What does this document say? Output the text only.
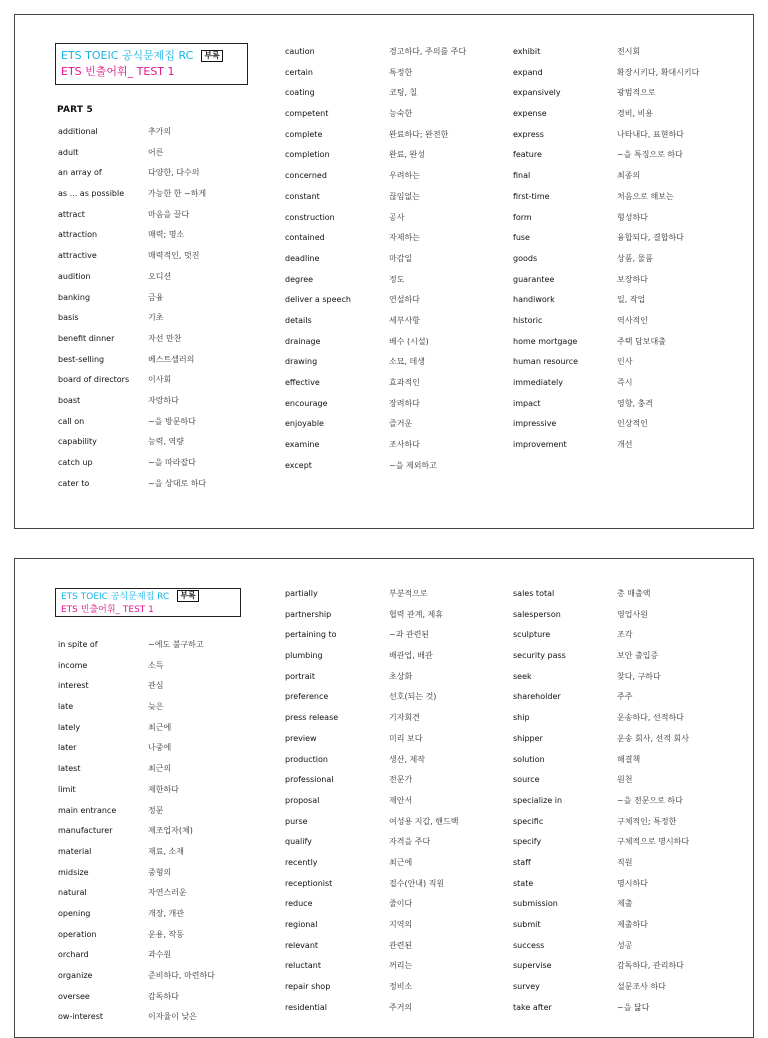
ETS TOEIC 공식문제집 RC 부록
ETS 빈출어휘_ TEST 1
PART 5
additional	추가의
adult	어른
an array of	다양한, 다수의
as ... as possible	가능한 한 ~하게
attract	마음을 끌다
attraction	매력; 명소
attractive	매력적인, 멋진
audition	오디션
banking	금융
basis	기초
benefit dinner	자선 만찬
best-selling	베스트셀러의
board of directors 이사회
boast	자랑하다
call on	~을 방문하다
capability	능력, 역량
catch up	~을 따라잡다
cater to	~을 상대로 하다
caution	경고하다, 주의를 주다
certain	특정한
coating	코팅, 칠
competent	능숙한
complete	완료하다; 완전한
completion	완료, 완성
concerned	우려하는
constant	끊임없는
construction	공사
contained	자제하는
deadline	마감일
degree	정도
deliver a speech	연설하다
details	세부사항
drainage	배수 (시설)
drawing	소묘, 데생
effective	효과적인
encourage	장려하다
enjoyable	즐거운
examine	조사하다
except	~을 제외하고
exhibit	전시회
expand	확장시키다, 확대시키다
expansively	광범적으로
expense	경비, 비용
express	나타내다, 표현하다
feature	~을 특징으로 하다
final	최종의
first-time	처음으로 해보는
form	형성하다
fuse	융합되다, 결합하다
goods	상품, 물품
guarantee	보장하다
handiwork	일, 작업
historic	역사적인
home mortgage	주택 담보대출
human resource	인사
immediately	즉시
impact	영향, 충격
impressive	인상적인
improvement	개선
ETS TOEIC 공식문제집 RC 부록
ETS 빈출어휘_ TEST 1
in spite of	~에도 불구하고
income	소득
interest	관심
late	늦은
lately	최근에
later	나중에
latest	최근의
limit	제한하다
main entrance	정문
manufacturer	제조업자(체)
material	재료, 소재
midsize	중형의
natural	자연스러운
opening	개장, 개관
operation	운용, 작동
orchard	과수원
organize	준비하다, 마련하다
oversee	감독하다
ow-interest	이자율이 낮은
partially	부분적으로
partnership	협력 관계, 제휴
pertaining to	~과 관련된
plumbing	배관업, 배관
portrait	초상화
preference	선호(되는 것)
press release	기자회견
preview	미리 보다
production	생산, 제작
professional	전문가
proposal	제안서
purse	여성용 지갑, 핸드백
qualify	자격을 주다
recently	최근에
receptionist	접수(안내) 직원
reduce	줄이다
regional	지역의
relevant	관련된
reluctant	꺼리는
repair shop	정비소
residential	주거의
sales total	총 매출액
salesperson	영업사원
sculpture	조각
security pass	보안 출입증
seek	찾다, 구하다
shareholder	주주
ship	운송하다, 선적하다
shipper	운송 회사, 선적 회사
solution	해결책
source	원천
specialize in	~을 전문으로 하다
specific	구체적인; 특정한
specify	구체적으로 명시하다
staff	직원
state	명시하다
submission	제출
submit	제출하다
success	성공
supervise	감독하다, 관리하다
survey	설문조사 하다
take after	~을 닮다
